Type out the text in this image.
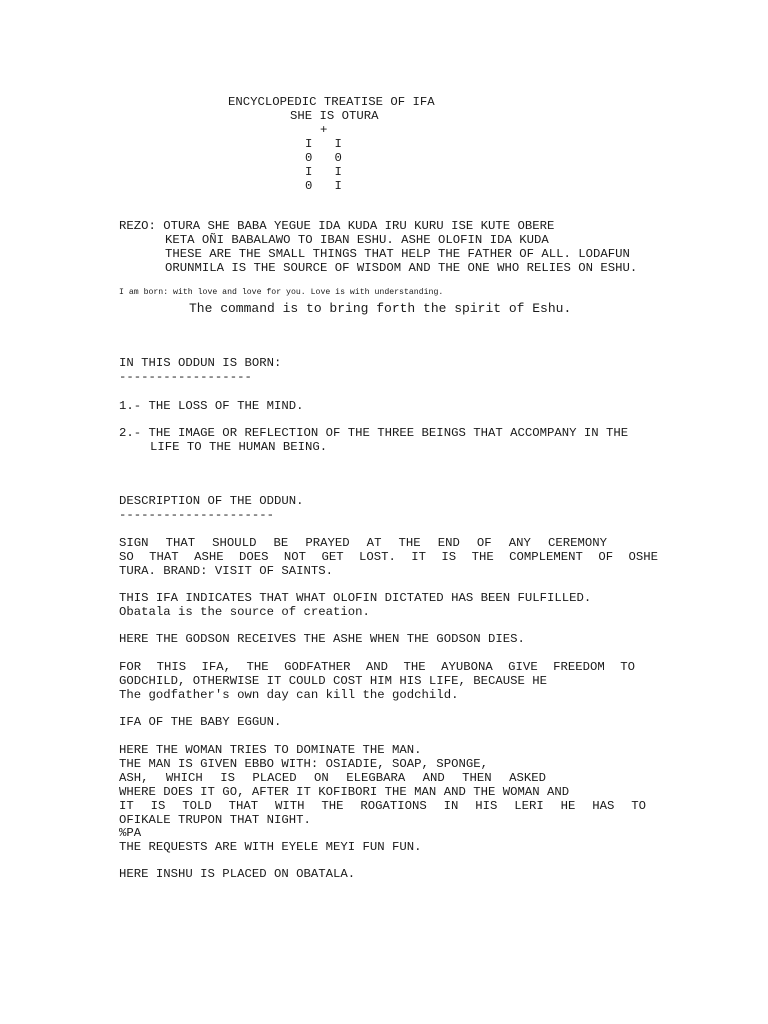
ENCYCLOPEDIC TREATISE OF IFA

SHE IS OTURA

+

I   I

0   0

I   I

0   I

REZO: OTURA SHE BABA YEGUE IDA KUDA IRU KURU ISE KUTE OBERE

KETA OÑI BABALAWO TO IBAN ESHU. ASHE OLOFIN IDA KUDA

THESE ARE THE SMALL THINGS THAT HELP THE FATHER OF ALL. LODAFUN

ORUNMILA IS THE SOURCE OF WISDOM AND THE ONE WHO RELIES ON ESHU.

I am born: with love and love for you. Love is with understanding.

The command is to bring forth the spirit of Eshu.

IN THIS ODDUN IS BORN:

------------------

1.- THE LOSS OF THE MIND.

2.- THE IMAGE OR REFLECTION OF THE THREE BEINGS THAT ACCOMPANY IN THE

LIFE TO THE HUMAN BEING.

DESCRIPTION OF THE ODDUN.

---------------------

SIGN THAT SHOULD BE PRAYED AT THE END OF ANY CEREMONY

SO THAT ASHE DOES NOT GET LOST. IT IS THE COMPLEMENT OF OSHE

TURA. BRAND: VISIT OF SAINTS.

THIS IFA INDICATES THAT WHAT OLOFIN DICTATED HAS BEEN FULFILLED.

Obatala is the source of creation.

HERE THE GODSON RECEIVES THE ASHE WHEN THE GODSON DIES.

FOR THIS IFA, THE GODFATHER AND THE AYUBONA GIVE FREEDOM TO

GODCHILD, OTHERWISE IT COULD COST HIM HIS LIFE, BECAUSE HE

The godfather's own day can kill the godchild.

IFA OF THE BABY EGGUN.

HERE THE WOMAN TRIES TO DOMINATE THE MAN.

THE MAN IS GIVEN EBBO WITH: OSIADIE, SOAP, SPONGE,

ASH, WHICH IS PLACED ON ELEGBARA AND THEN ASKED

WHERE DOES IT GO, AFTER IT KOFIBORI THE MAN AND THE WOMAN AND

IT IS TOLD THAT WITH THE ROGATIONS IN HIS LERI HE HAS TO

OFIKALE TRUPON THAT NIGHT.

%PA

THE REQUESTS ARE WITH EYELE MEYI FUN FUN.

HERE INSHU IS PLACED ON OBATALA.
